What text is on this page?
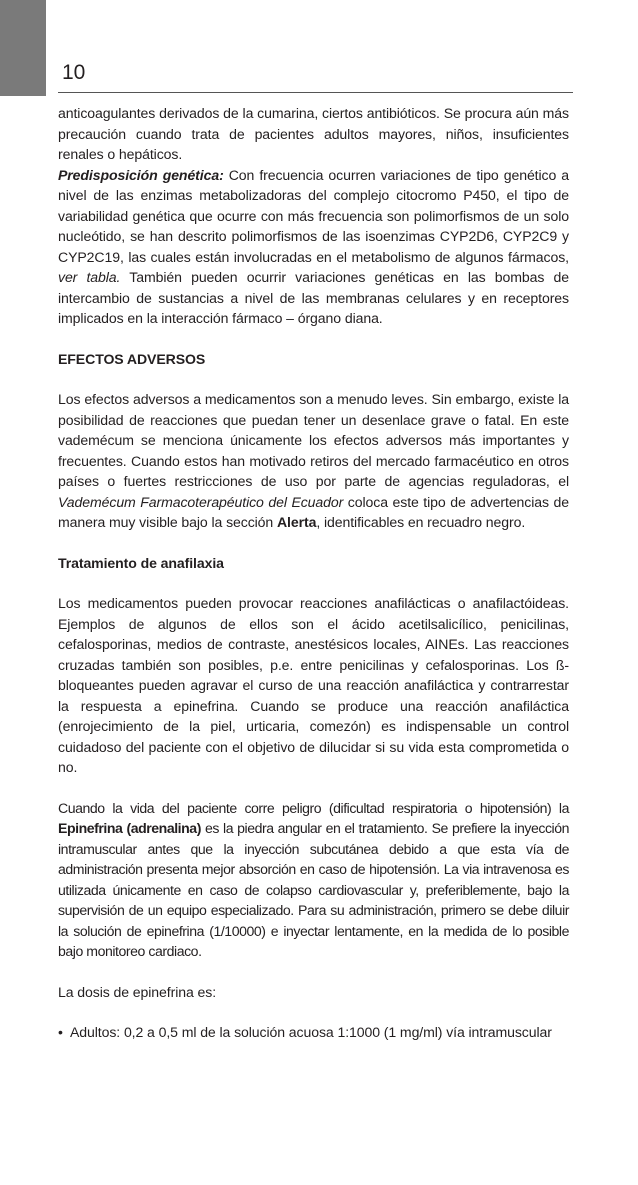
10

anticoagulantes derivados de la cumarina, ciertos antibióticos. Se procura aún más precaución cuando trata de pacientes adultos mayores, niños, insuficientes renales o hepáticos.

Predisposición genética: Con frecuencia ocurren variaciones de tipo genético a nivel de las enzimas metabolizadoras del complejo citocromo P450, el tipo de variabilidad genética que ocurre con más frecuencia son polimorfismos de un solo nucleótido, se han descrito polimorfismos de las isoenzimas CYP2D6, CYP2C9 y CYP2C19, las cuales están involucradas en el metabolismo de algunos fármacos, ver tabla. También pueden ocurrir variaciones genéticas en las bombas de intercambio de sustancias a nivel de las membranas celulares y en receptores implicados en la interacción fármaco – órgano diana.

EFECTOS ADVERSOS

Los efectos adversos a medicamentos son a menudo leves. Sin embargo, existe la posibilidad de reacciones que puedan tener un desenlace grave o fatal. En este vademécum se menciona únicamente los efectos adversos más importantes y frecuentes. Cuando estos han motivado retiros del mercado farmacéutico en otros países o fuertes restricciones de uso por parte de agencias reguladoras, el Vademécum Farmacoterapéutico del Ecuador coloca este tipo de advertencias de manera muy visible bajo la sección Alerta, identificables en recuadro negro.

Tratamiento de anafilaxia

Los medicamentos pueden provocar reacciones anafilácticas o anafilactóideas. Ejemplos de algunos de ellos son el ácido acetilsalicílico, penicilinas, cefalosporinas, medios de contraste, anestésicos locales, AINEs. Las reacciones cruzadas también son posibles, p.e. entre penicilinas y cefalosporinas. Los ß-bloqueantes pueden agravar el curso de una reacción anafiláctica y contrarrestar la respuesta a epinefrina. Cuando se produce una reacción anafiláctica (enrojecimiento de la piel, urticaria, comezón) es indispensable un control cuidadoso del paciente con el objetivo de dilucidar si su vida esta comprometida o no.

Cuando la vida del paciente corre peligro (dificultad respiratoria o hipotensión) la Epinefrina (adrenalina) es la piedra angular en el tratamiento. Se prefiere la inyección intramuscular antes que la inyección subcutánea debido a que esta vía de administración presenta mejor absorción en caso de hipotensión. La via intravenosa es utilizada únicamente en caso de colapso cardiovascular y, preferiblemente, bajo la supervisión de un equipo especializado. Para su administración, primero se debe diluir la solución de epinefrina (1/10000) e inyectar lentamente, en la medida de lo posible bajo monitoreo cardiaco.

La dosis de epinefrina es:

• Adultos: 0,2 a 0,5 ml de la solución acuosa 1:1000 (1 mg/ml) vía intramuscular
